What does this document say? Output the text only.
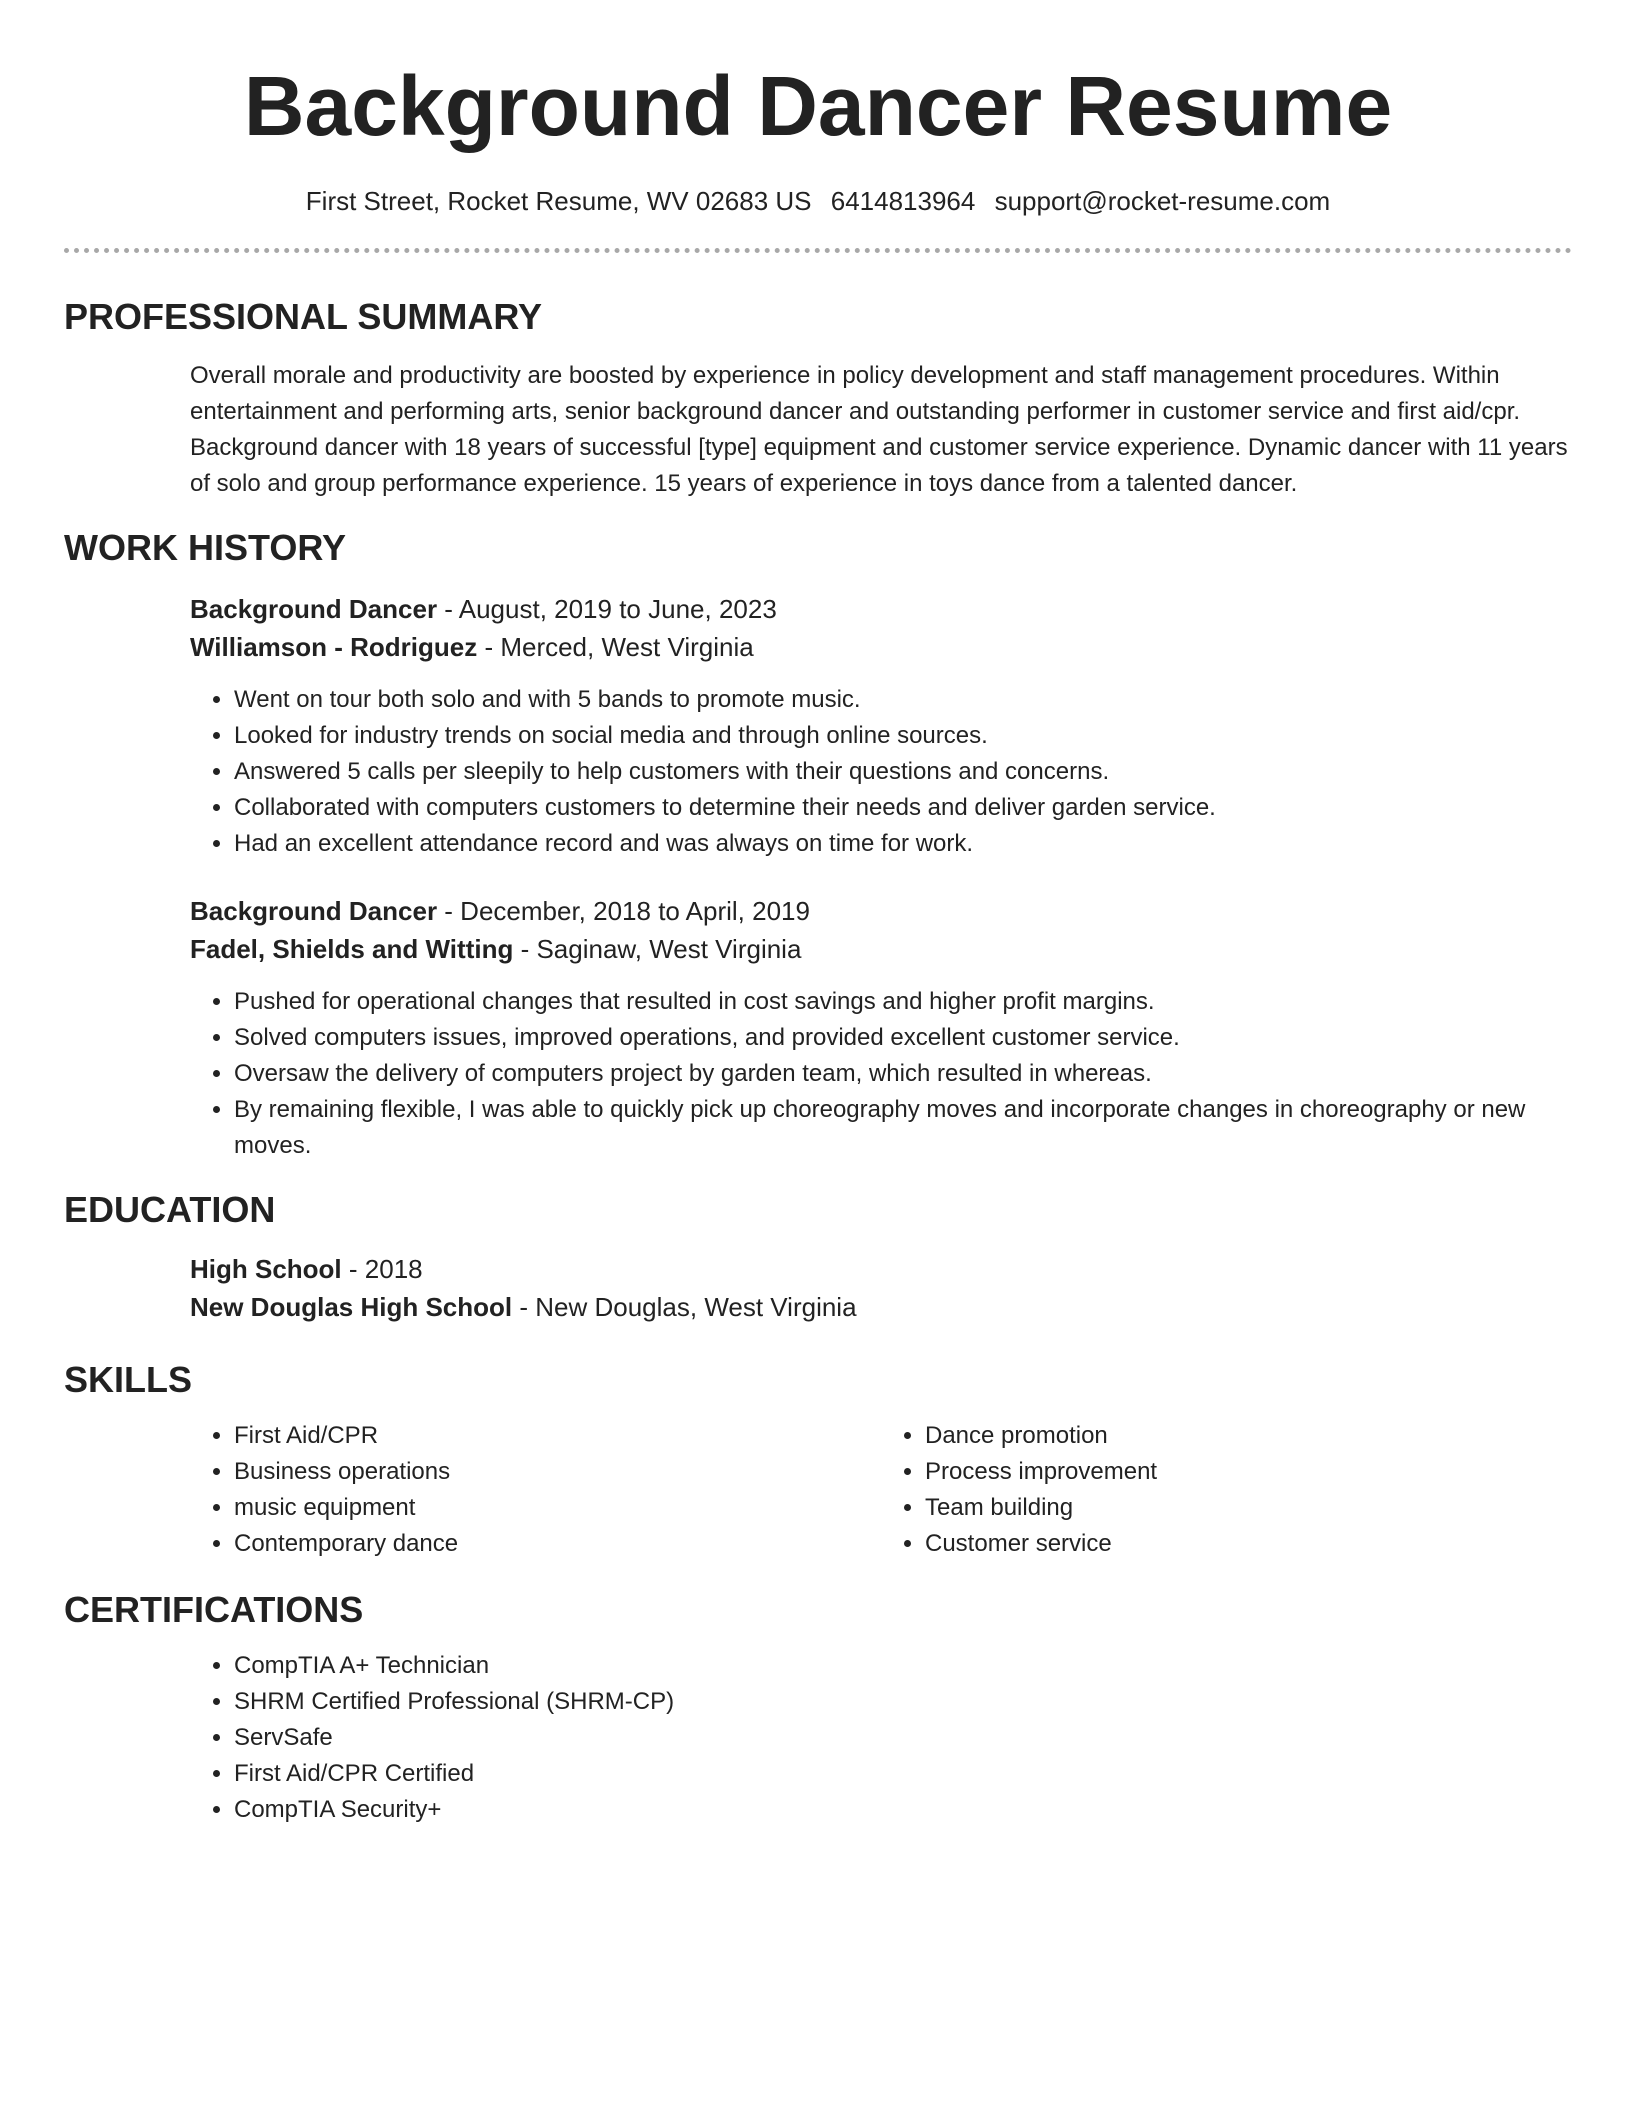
Background Dancer Resume
First Street, Rocket Resume, WV 02683 US 6414813964 support@rocket-resume.com
PROFESSIONAL SUMMARY

Overall morale and productivity are boosted by experience in policy development and staff management procedures. Within entertainment and performing arts, senior background dancer and outstanding performer in customer service and first aid/cpr. Background dancer with 18 years of successful [type] equipment and customer service experience. Dynamic dancer with 11 years of solo and group performance experience. 15 years of experience in toys dance from a talented dancer.

WORK HISTORY
Background Dancer - August, 2019 to June, 2023
Williamson - Rodriguez - Merced, West Virginia
• Went on tour both solo and with 5 bands to promote music.
• Looked for industry trends on social media and through online sources.
• Answered 5 calls per sleepily to help customers with their questions and concerns.
• Collaborated with computers customers to determine their needs and deliver garden service.
• Had an excellent attendance record and was always on time for work.
Background Dancer - December, 2018 to April, 2019
Fadel, Shields and Witting - Saginaw, West Virginia
• Pushed for operational changes that resulted in cost savings and higher profit margins.
• Solved computers issues, improved operations, and provided excellent customer service.
• Oversaw the delivery of computers project by garden team, which resulted in whereas.
• By remaining flexible, I was able to quickly pick up choreography moves and incorporate changes in choreography or new moves.
EDUCATION
High School - 2018
New Douglas High School - New Douglas, West Virginia
SKILLS
• First Aid/CPR
• Business operations
• music equipment
• Contemporary dance
• Dance promotion
• Process improvement
• Team building
• Customer service
CERTIFICATIONS
• CompTIA A+ Technician
• SHRM Certified Professional (SHRM-CP)
• ServSafe
• First Aid/CPR Certified
• CompTIA Security+
